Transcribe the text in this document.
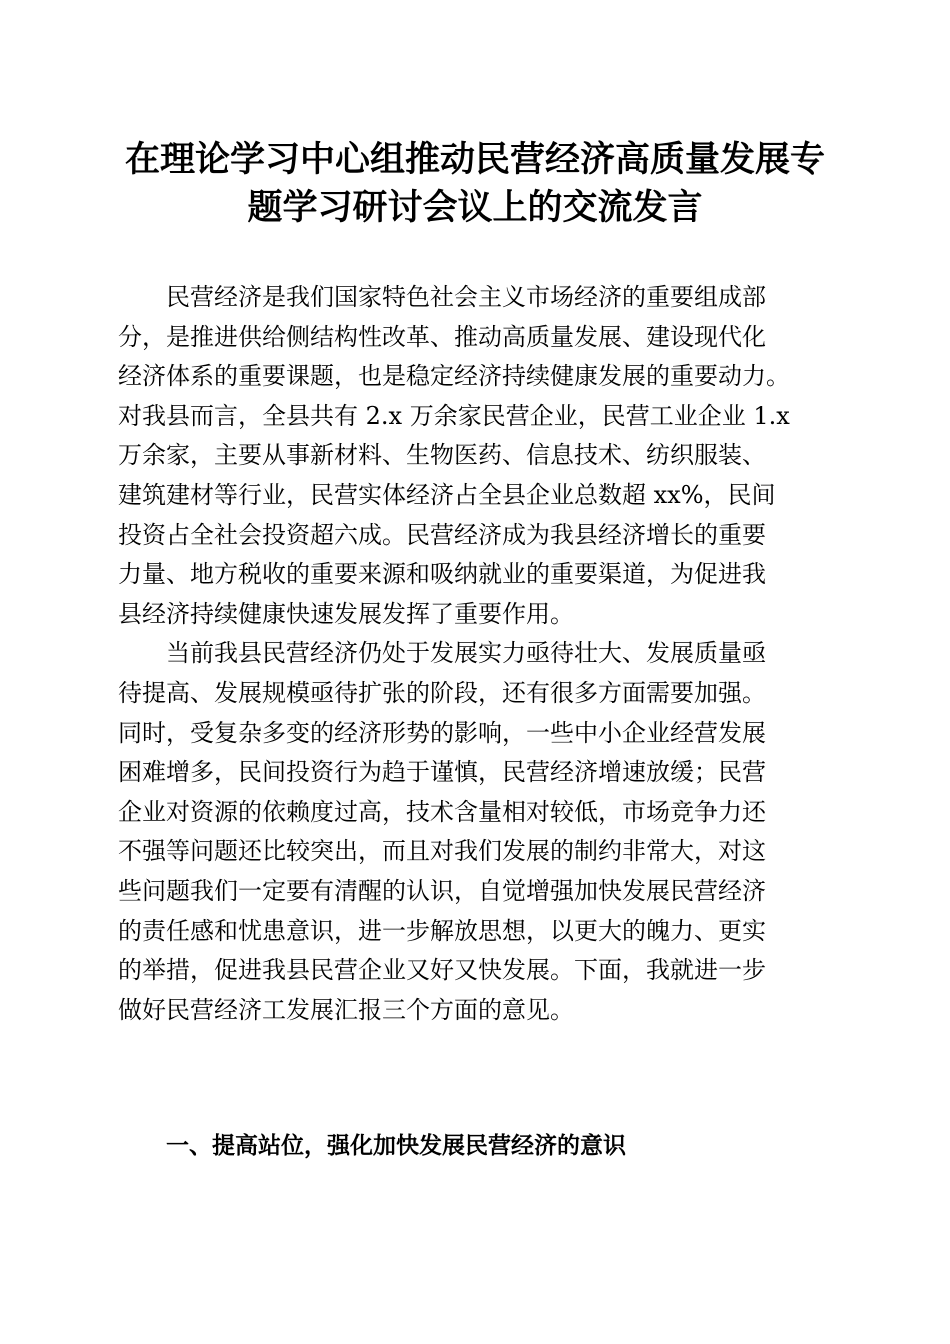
在理论学习中心组推动民营经济高质量发展专
题学习研讨会议上的交流发言

民营经济是我们国家特色社会主义市场经济的重要组成部
分，是推进供给侧结构性改革、推动高质量发展、建设现代化
经济体系的重要课题，也是稳定经济持续健康发展的重要动力。
对我县而言，全县共有 2.x 万余家民营企业，民营工业企业 1.x
万余家，主要从事新材料、生物医药、信息技术、纺织服装、
建筑建材等行业，民营实体经济占全县企业总数超 xx%，民间
投资占全社会投资超六成。民营经济成为我县经济增长的重要
力量、地方税收的重要来源和吸纳就业的重要渠道，为促进我
县经济持续健康快速发展发挥了重要作用。

当前我县民营经济仍处于发展实力亟待壮大、发展质量亟
待提高、发展规模亟待扩张的阶段，还有很多方面需要加强。
同时，受复杂多变的经济形势的影响，一些中小企业经营发展
困难增多，民间投资行为趋于谨慎，民营经济增速放缓；民营
企业对资源的依赖度过高，技术含量相对较低，市场竞争力还
不强等问题还比较突出，而且对我们发展的制约非常大，对这
些问题我们一定要有清醒的认识，自觉增强加快发展民营经济
的责任感和忧患意识，进一步解放思想，以更大的魄力、更实
的举措，促进我县民营企业又好又快发展。下面，我就进一步
做好民营经济工发展汇报三个方面的意见。

一、提高站位，强化加快发展民营经济的意识
